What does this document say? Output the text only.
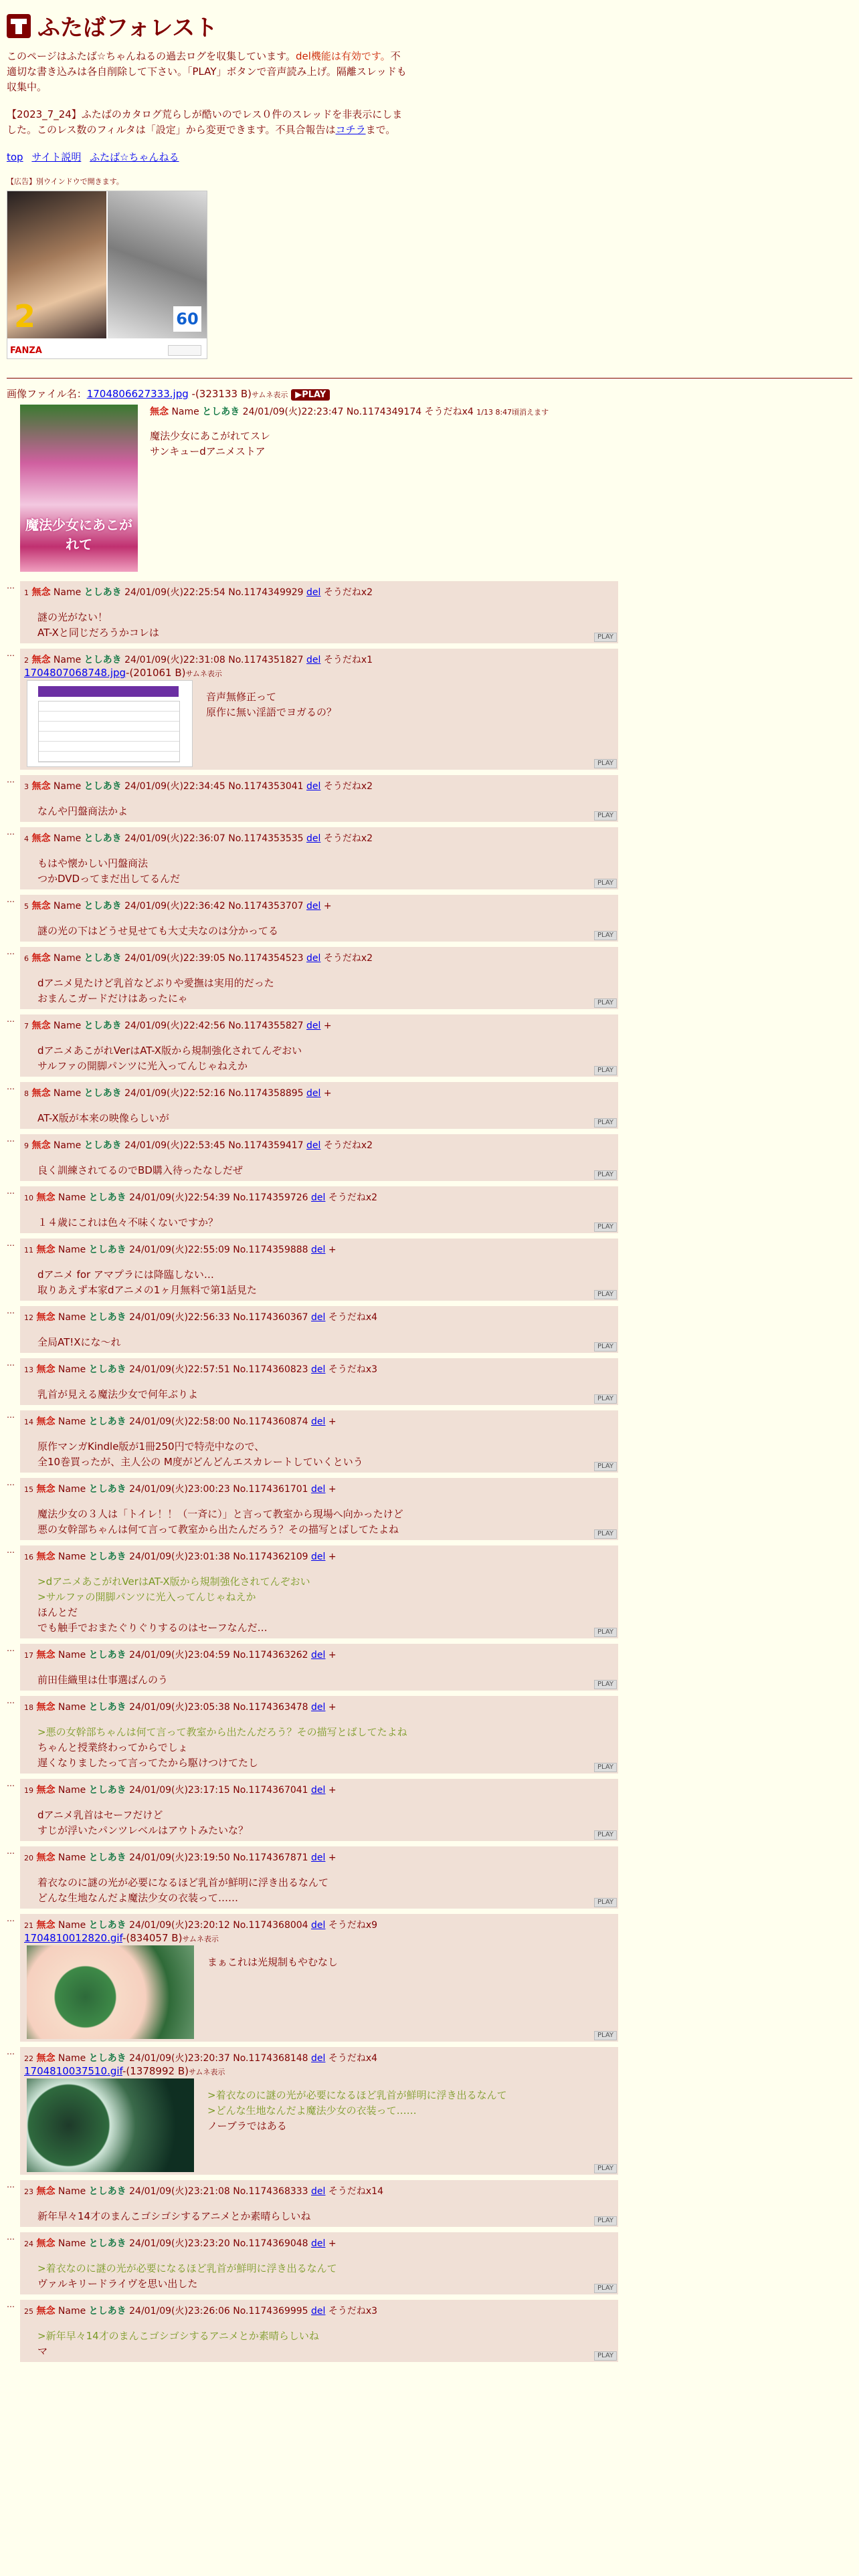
ふたばフォレスト

このページはふたば☆ちゃんねるの過去ログを収集しています。del機能は有効です。不適切な書き込みは各自削除して下さい。「PLAY」ボタンで音声読み上げ。隔離スレッドも収集中。

【2023_7_24】ふたばのカタログ荒らしが酷いのでレス０件のスレッドを非表示にしました。このレス数のフィルタは「設定」から変更できます。不具合報告はコチラまで。

top サイト説明 ふたば☆ちゃんねる
【広告】別ウインドウで開きます。
2	60
FANZA
画像ファイル名：1704806627333.jpg -(323133 B)サムネ表示 ▶PLAY
魔法少女にあこがれて
無念 Name としあき 24/01/09(火)22:23:47 No.1174349174 そうだねx4 1/13 8:47頃消えます
魔法少女にあこがれてスレ
サンキューdアニメストア
…
1 無念 Name としあき 24/01/09(火)22:25:54 No.1174349929 del そうだねx2
謎の光がない！
AT-Xと同じだろうかコレは	PLAY
…
2 無念 Name としあき 24/01/09(火)22:31:08 No.1174351827 del そうだねx1
1704807068748.jpg-(201061 B)サムネ表示
音声無修正って
原作に無い淫語でヨガるの？
PLAY
…
3 無念 Name としあき 24/01/09(火)22:34:45 No.1174353041 del そうだねx2
なんや円盤商法かよ	PLAY
…
4 無念 Name としあき 24/01/09(火)22:36:07 No.1174353535 del そうだねx2
もはや懐かしい円盤商法
つかDVDってまだ出してるんだ	PLAY
…
5 無念 Name としあき 24/01/09(火)22:36:42 No.1174353707 del +
謎の光の下はどうせ見せても大丈夫なのは分かってる	PLAY
…
6 無念 Name としあき 24/01/09(火)22:39:05 No.1174354523 del そうだねx2
dアニメ見たけど乳首などぶりや愛撫は実用的だった
おまんこガードだけはあったにゃ	PLAY
…
7 無念 Name としあき 24/01/09(火)22:42:56 No.1174355827 del +
dアニメあこがれVerはAT-X版から規制強化されてんぞおい
サルファの開脚パンツに光入ってんじゃねえか	PLAY
…
8 無念 Name としあき 24/01/09(火)22:52:16 No.1174358895 del +
AT-X版が本来の映像らしいが	PLAY
…
9 無念 Name としあき 24/01/09(火)22:53:45 No.1174359417 del そうだねx2
良く訓練されてるのでBD購入待ったなしだぜ	PLAY
…
10 無念 Name としあき 24/01/09(火)22:54:39 No.1174359726 del そうだねx2
１４歳にこれは色々不味くないですか？	PLAY
…
11 無念 Name としあき 24/01/09(火)22:55:09 No.1174359888 del +
dアニメ for アマプラには降臨しない…
取りあえず本家dアニメの1ヶ月無料で第1話見た	PLAY
…
12 無念 Name としあき 24/01/09(火)22:56:33 No.1174360367 del そうだねx4
全局AT!Xにな～れ	PLAY
…
13 無念 Name としあき 24/01/09(火)22:57:51 No.1174360823 del そうだねx3
乳首が見える魔法少女で何年ぶりよ	PLAY
…
14 無念 Name としあき 24/01/09(火)22:58:00 No.1174360874 del +
原作マンガKindle版が1冊250円で特売中なので、
全10巻買ったが、主人公の M度がどんどんエスカレートしていくという	PLAY
…
15 無念 Name としあき 24/01/09(火)23:00:23 No.1174361701 del +
魔法少女の３人は「トイレ！！（一斉に）」と言って教室から現場へ向かったけど
悪の女幹部ちゃんは何て言って教室から出たんだろう？その描写とばしてたよね	PLAY
…
16 無念 Name としあき 24/01/09(火)23:01:38 No.1174362109 del +
>dアニメあこがれVerはAT-X版から規制強化されてんぞおい
>サルファの開脚パンツに光入ってんじゃねえか
ほんとだ
でも触手でおまたぐりぐりするのはセーフなんだ…	PLAY
…
17 無念 Name としあき 24/01/09(火)23:04:59 No.1174363262 del +
前田佳織里は仕事選ばんのう	PLAY
…
18 無念 Name としあき 24/01/09(火)23:05:38 No.1174363478 del +
>悪の女幹部ちゃんは何て言って教室から出たんだろう？その描写とばしてたよね
ちゃんと授業終わってからでしょ
遅くなりましたって言ってたから駆けつけてたし	PLAY
…
19 無念 Name としあき 24/01/09(火)23:17:15 No.1174367041 del +
dアニメ乳首はセーフだけど
すじが浮いたパンツレベルはアウトみたいな？	PLAY
…
20 無念 Name としあき 24/01/09(火)23:19:50 No.1174367871 del +
着衣なのに謎の光が必要になるほど乳首が鮮明に浮き出るなんて
どんな生地なんだよ魔法少女の衣装って……	PLAY
…
21 無念 Name としあき 24/01/09(火)23:20:12 No.1174368004 del そうだねx9
1704810012820.gif-(834057 B)サムネ表示
まぁこれは光規制もやむなし
PLAY
…
22 無念 Name としあき 24/01/09(火)23:20:37 No.1174368148 del そうだねx4
1704810037510.gif-(1378992 B)サムネ表示
>着衣なのに謎の光が必要になるほど乳首が鮮明に浮き出るなんて
>どんな生地なんだよ魔法少女の衣装って……
ノーブラではある
PLAY
…
23 無念 Name としあき 24/01/09(火)23:21:08 No.1174368333 del そうだねx14
新年早々14才のまんこゴシゴシするアニメとか素晴らしいね	PLAY
…
24 無念 Name としあき 24/01/09(火)23:23:20 No.1174369048 del +
>着衣なのに謎の光が必要になるほど乳首が鮮明に浮き出るなんて
ヴァルキリードライヴを思い出した	PLAY
…
25 無念 Name としあき 24/01/09(火)23:26:06 No.1174369995 del そうだねx3
>新年早々14才のまんこゴシゴシするアニメとか素晴らしいね
マ	PLAY
